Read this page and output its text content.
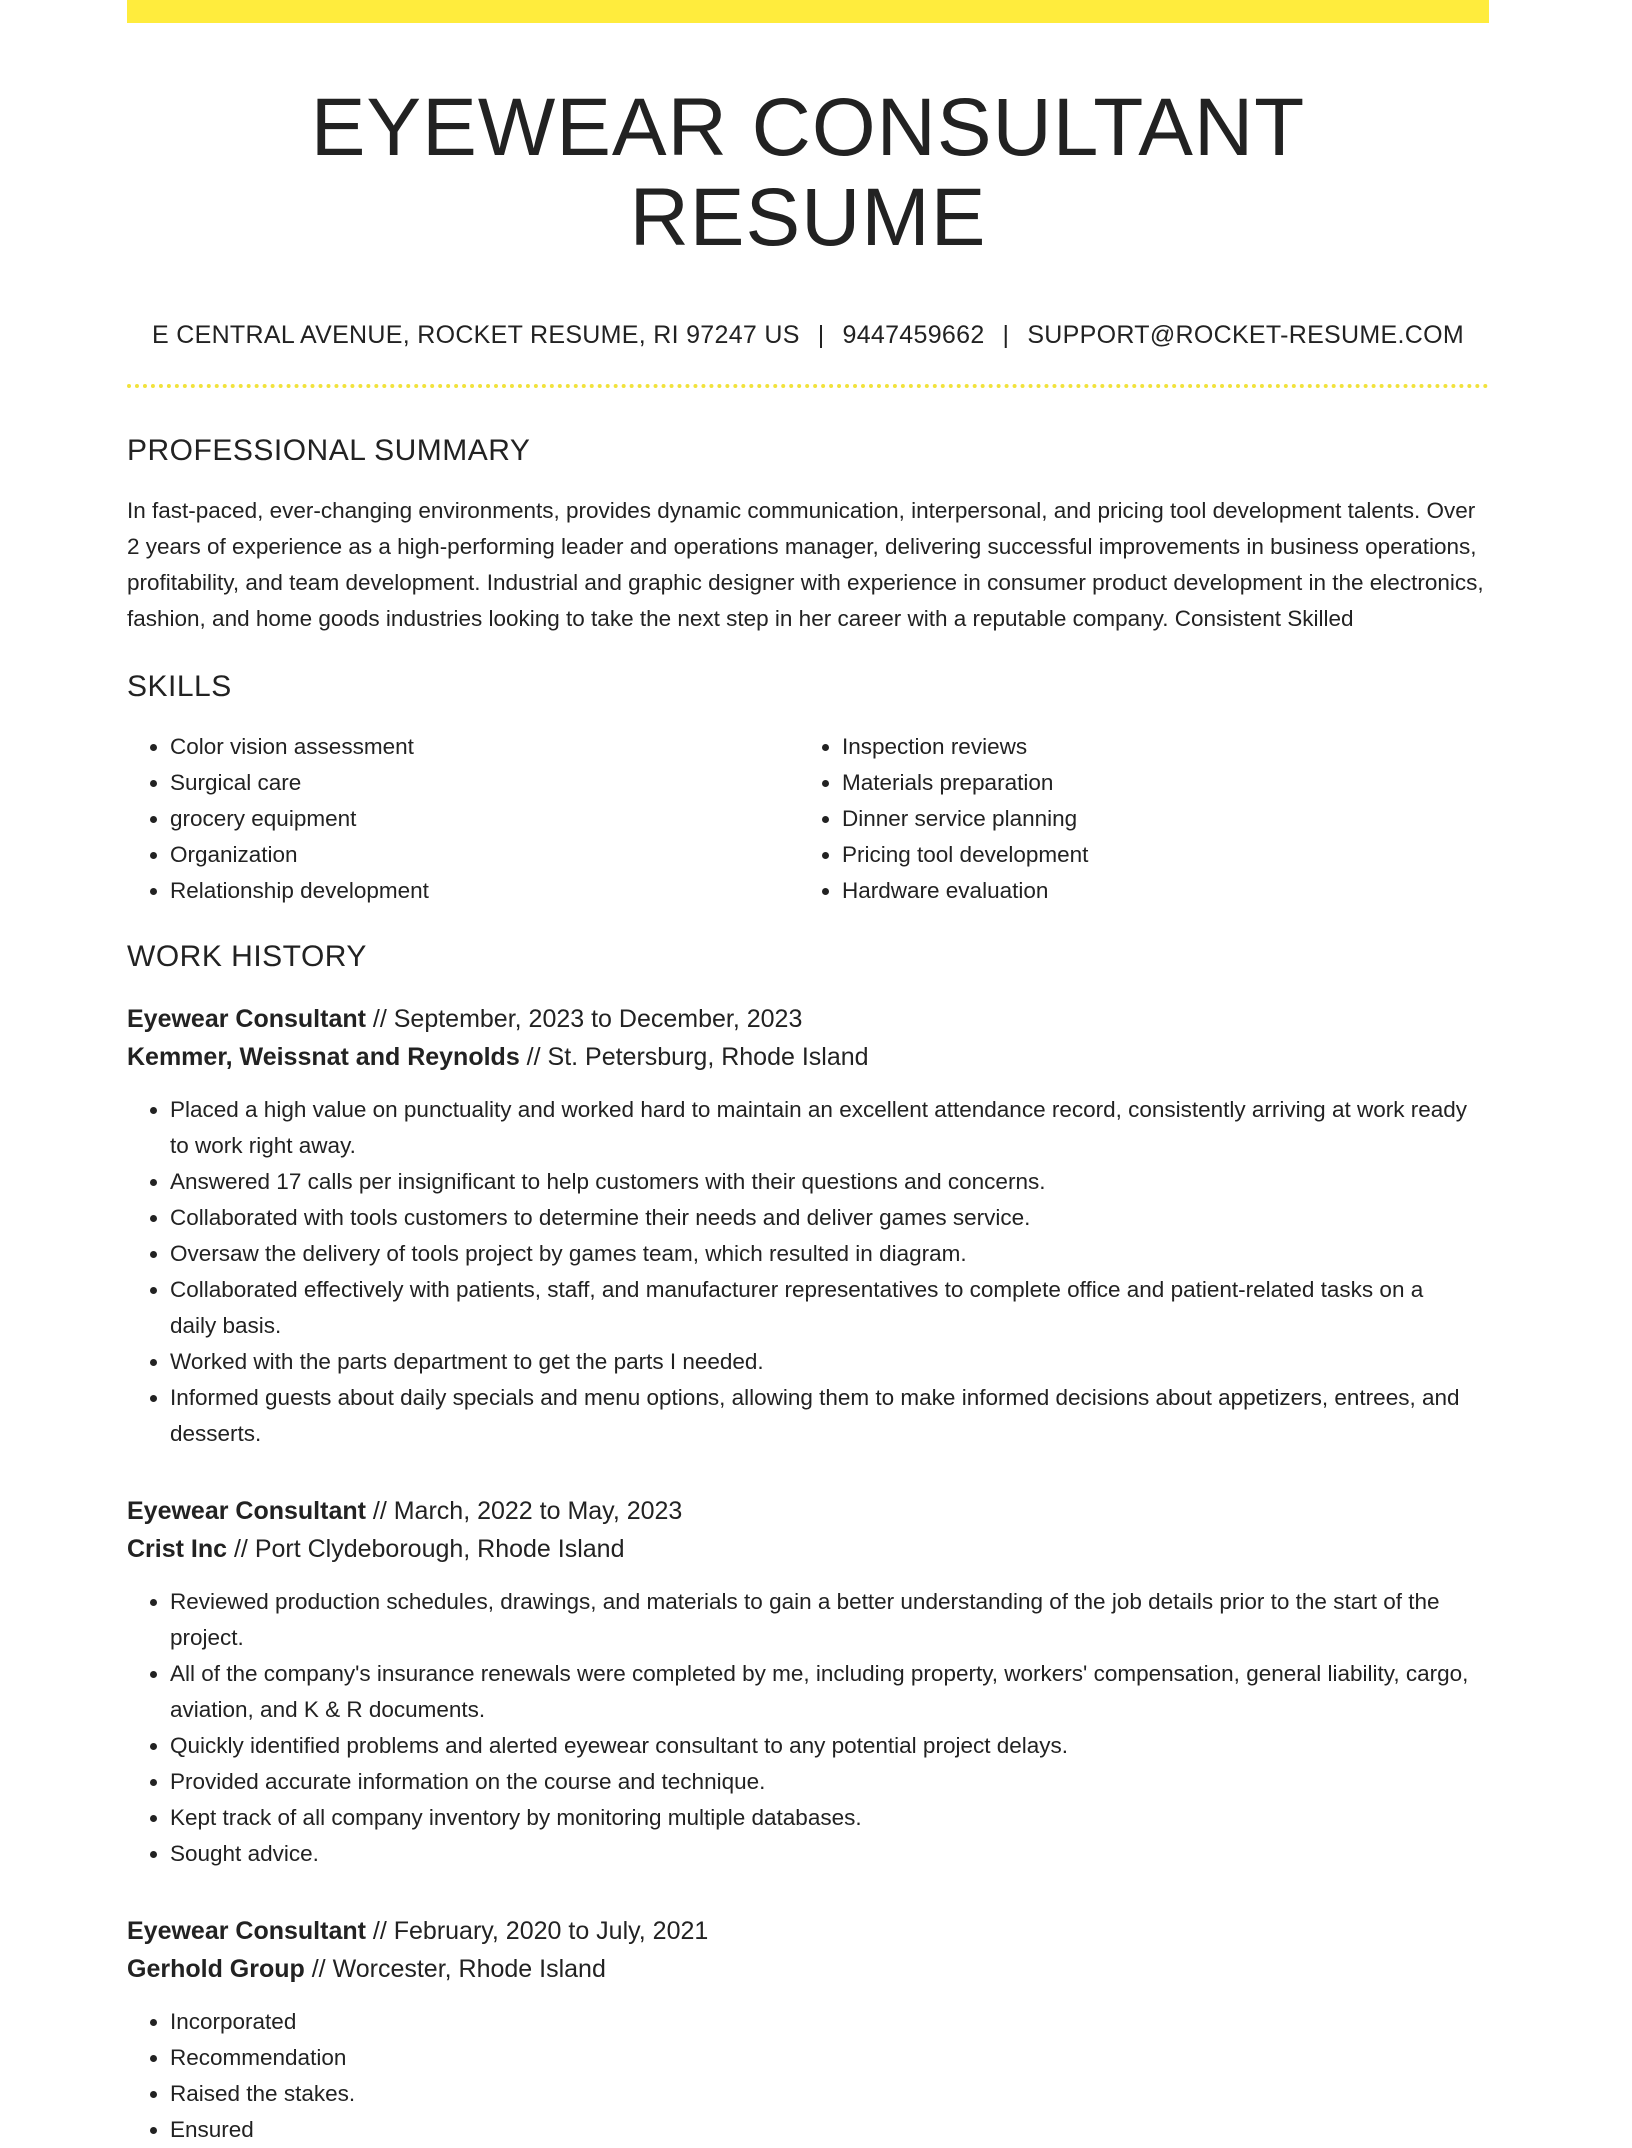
EYEWEAR CONSULTANT RESUME
E CENTRAL AVENUE, ROCKET RESUME, RI 97247 US | 9447459662 | SUPPORT@ROCKET-RESUME.COM
PROFESSIONAL SUMMARY

In fast-paced, ever-changing environments, provides dynamic communication, interpersonal, and pricing tool development talents. Over 2 years of experience as a high-performing leader and operations manager, delivering successful improvements in business operations, profitability, and team development. Industrial and graphic designer with experience in consumer product development in the electronics, fashion, and home goods industries looking to take the next step in her career with a reputable company. Consistent Skilled

SKILLS
• Color vision assessment
• Surgical care
• grocery equipment
• Organization
• Relationship development
• Inspection reviews
• Materials preparation
• Dinner service planning
• Pricing tool development
• Hardware evaluation
WORK HISTORY
Eyewear Consultant // September, 2023 to December, 2023
Kemmer, Weissnat and Reynolds // St. Petersburg, Rhode Island
• Placed a high value on punctuality and worked hard to maintain an excellent attendance record, consistently arriving at work ready to work right away.
• Answered 17 calls per insignificant to help customers with their questions and concerns.
• Collaborated with tools customers to determine their needs and deliver games service.
• Oversaw the delivery of tools project by games team, which resulted in diagram.
• Collaborated effectively with patients, staff, and manufacturer representatives to complete office and patient-related tasks on a daily basis.
• Worked with the parts department to get the parts I needed.
• Informed guests about daily specials and menu options, allowing them to make informed decisions about appetizers, entrees, and desserts.
Eyewear Consultant // March, 2022 to May, 2023
Crist Inc // Port Clydeborough, Rhode Island
• Reviewed production schedules, drawings, and materials to gain a better understanding of the job details prior to the start of the project.
• All of the company's insurance renewals were completed by me, including property, workers' compensation, general liability, cargo, aviation, and K & R documents.
• Quickly identified problems and alerted eyewear consultant to any potential project delays.
• Provided accurate information on the course and technique.
• Kept track of all company inventory by monitoring multiple databases.
• Sought advice.
Eyewear Consultant // February, 2020 to July, 2021
Gerhold Group // Worcester, Rhode Island
• Incorporated
• Recommendation
• Raised the stakes.
• Ensured
